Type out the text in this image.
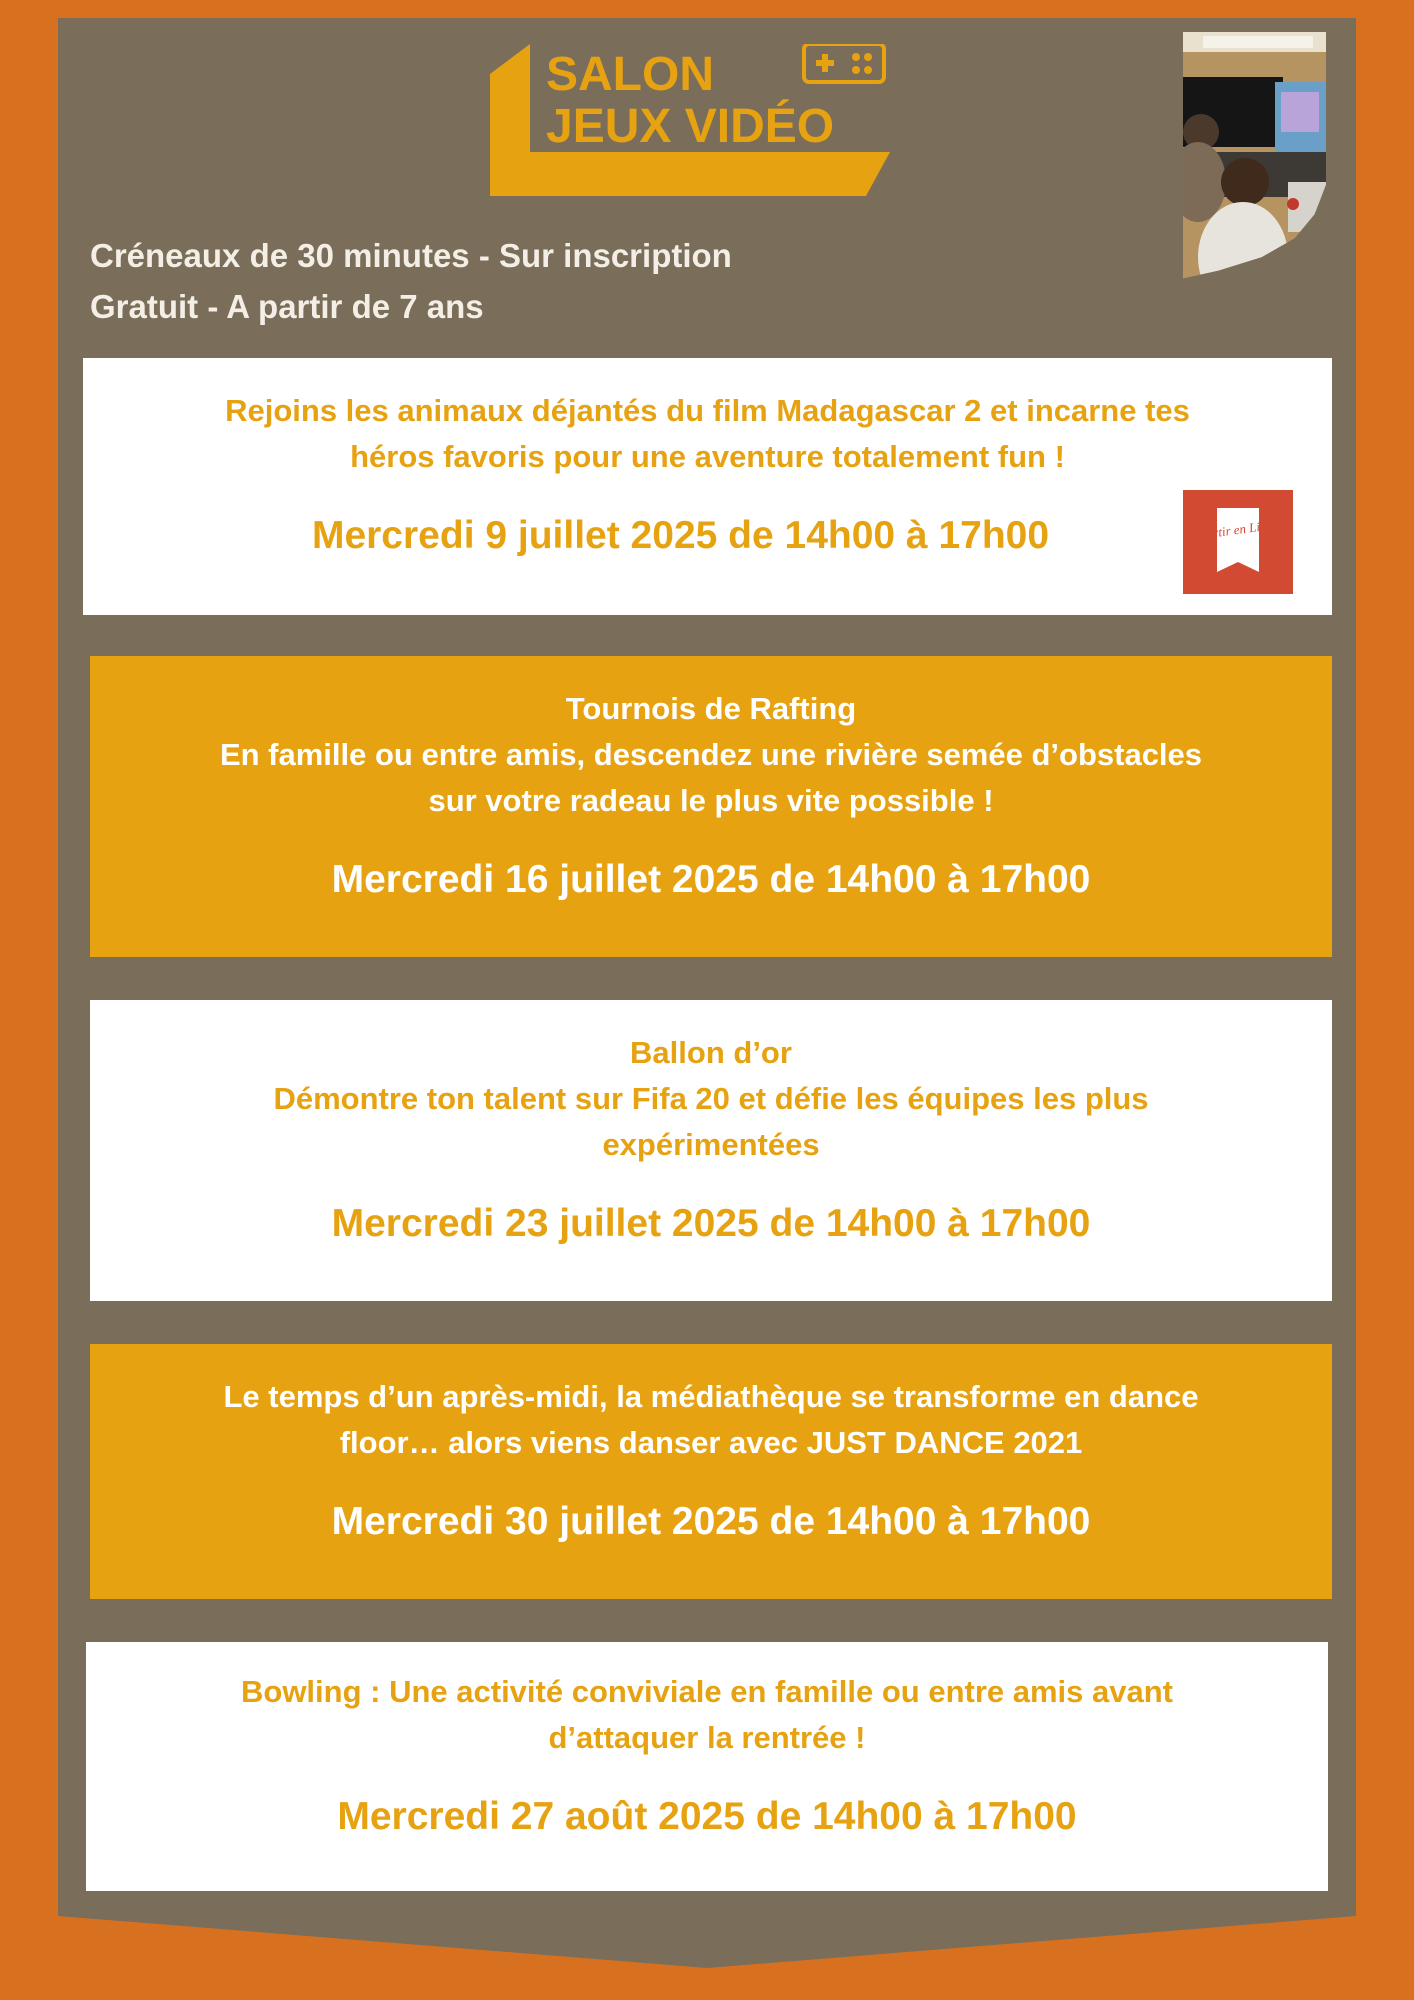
SALON
JEUX VIDÉO
Créneaux de 30 minutes - Sur inscription
Gratuit - A partir de 7 ans
Rejoins les animaux déjantés du film Madagascar 2 et incarne tes
héros favoris pour une aventure totalement fun !
Mercredi 9 juillet 2025 de 14h00 à 17h00	Partir en Livre
Tournois de Rafting
En famille ou entre amis, descendez une rivière semée d’obstacles
sur votre radeau le plus vite possible !
Mercredi 16 juillet 2025 de 14h00 à 17h00
Ballon d’or
Démontre ton talent sur Fifa 20 et défie les équipes les plus
expérimentées
Mercredi 23 juillet 2025 de 14h00 à 17h00
Le temps d’un après-midi, la médiathèque se transforme en dance
floor… alors viens danser avec JUST DANCE 2021
Mercredi 30 juillet 2025 de 14h00 à 17h00
Bowling : Une activité conviviale en famille ou entre amis avant
d’attaquer la rentrée !
Mercredi 27 août 2025 de 14h00 à 17h00
